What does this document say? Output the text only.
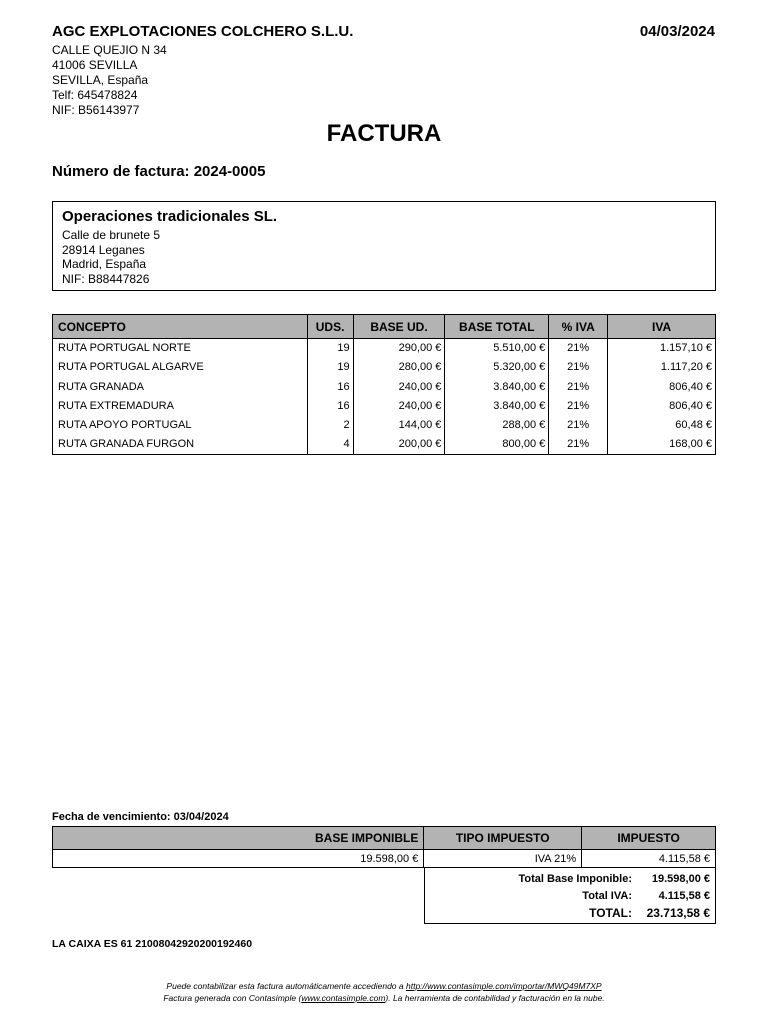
AGC EXPLOTACIONES COLCHERO S.L.U.	04/03/2024
CALLE QUEJIO N 34
41006 SEVILLA
SEVILLA, España
Telf: 645478824
NIF: B56143977
FACTURA
Número de factura: 2024-0005
Operaciones tradicionales SL.
Calle de brunete 5
28914 Leganes
Madrid, España
NIF: B88447826
CONCEPTO	UDS.	BASE UD.	BASE TOTAL	% IVA	IVA
RUTA PORTUGAL NORTE	19	290,00 €	5.510,00 €	21%	1.157,10 €
RUTA PORTUGAL ALGARVE	19	280,00 €	5.320,00 €	21%	1.117,20 €
RUTA GRANADA	16	240,00 €	3.840,00 €	21%	806,40 €
RUTA EXTREMADURA	16	240,00 €	3.840,00 €	21%	806,40 €
RUTA APOYO PORTUGAL	2	144,00 €	288,00 €	21%	60,48 €
RUTA GRANADA FURGON	4	200,00 €	800,00 €	21%	168,00 €
Fecha de vencimiento: 03/04/2024
BASE IMPONIBLE	TIPO IMPUESTO	IMPUESTO
19.598,00 €	IVA 21%	4.115,58 €
Total Base Imponible:	19.598,00 €
Total IVA:	4.115,58 €
TOTAL:	23.713,58 €
LA CAIXA ES 61 21008042920200192460
Puede contabilizar esta factura automáticamente accediendo a http://www.contasimple.com/importar/MWQ49M7XP
Factura generada con Contasimple (www.contasimple.com). La herramienta de contabilidad y facturación en la nube.
